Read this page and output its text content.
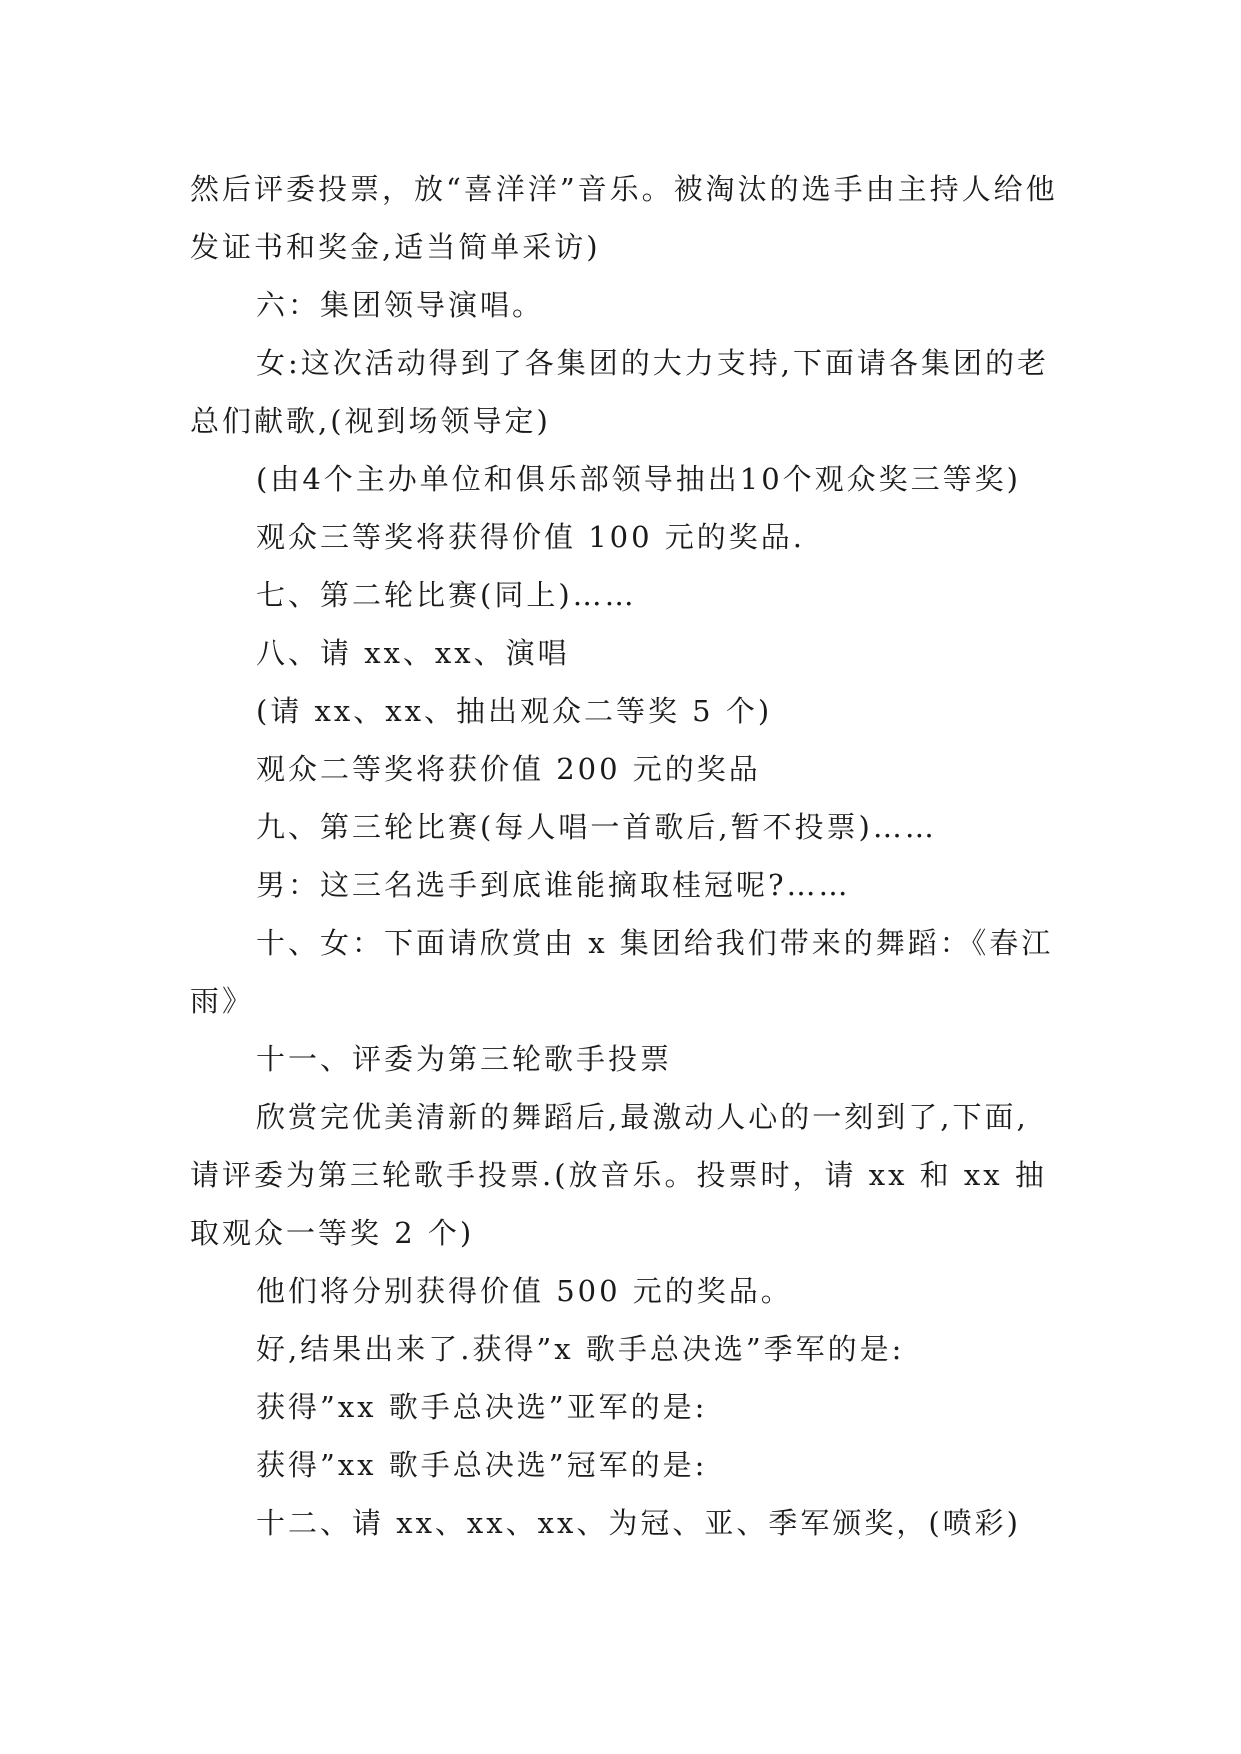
然后评委投票，放“喜洋洋”音乐。被淘汰的选手由主持人给他发证书和奖金,适当简单采访)

六：集团领导演唱。

女:这次活动得到了各集团的大力支持,下面请各集团的老总们献歌,(视到场领导定)

(由4个主办单位和俱乐部领导抽出10个观众奖三等奖)

观众三等奖将获得价值 100 元的奖品.

七、第二轮比赛(同上)……

八、请 xx、xx、演唱

(请 xx、xx、抽出观众二等奖 5 个)

观众二等奖将获价值 200 元的奖品

九、第三轮比赛(每人唱一首歌后,暂不投票)……

男：这三名选手到底谁能摘取桂冠呢?……

十、女：下面请欣赏由 x 集团给我们带来的舞蹈：《春江雨》

十一、评委为第三轮歌手投票

欣赏完优美清新的舞蹈后,最激动人心的一刻到了,下面,请评委为第三轮歌手投票.(放音乐。投票时，请 xx 和 xx 抽取观众一等奖 2 个)

他们将分别获得价值 500 元的奖品。

好,结果出来了.获得”x 歌手总决选”季军的是:

获得”xx 歌手总决选”亚军的是:

获得”xx 歌手总决选”冠军的是:

十二、请 xx、xx、xx、为冠、亚、季军颁奖，(喷彩)
